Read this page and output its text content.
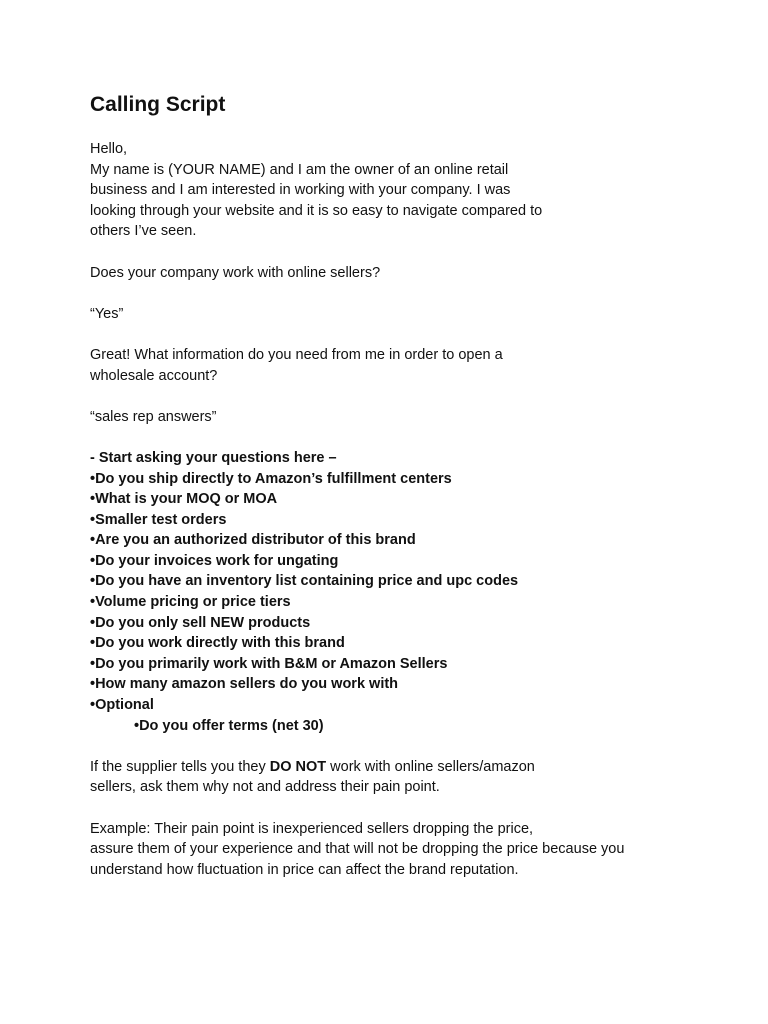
Calling Script

Hello,

My name is (YOUR NAME) and I am the owner of an online retail

business and I am interested in working with your company. I was

looking through your website and it is so easy to navigate compared to

others I’ve seen.

Does your company work with online sellers?

“Yes”

Great! What information do you need from me in order to open a

wholesale account?

“sales rep answers”

- Start asking your questions here –

•Do you ship directly to Amazon’s fulfillment centers

•What is your MOQ or MOA

•Smaller test orders

•Are you an authorized distributor of this brand

•Do your invoices work for ungating

•Do you have an inventory list containing price and upc codes

•Volume pricing or price tiers

•Do you only sell NEW products

•Do you work directly with this brand

•Do you primarily work with B&M or Amazon Sellers

•How many amazon sellers do you work with

•Optional

•Do you offer terms (net 30)

If the supplier tells you they DO NOT work with online sellers/amazon

sellers, ask them why not and address their pain point.

Example: Their pain point is inexperienced sellers dropping the price,

assure them of your experience and that will not be dropping the price because you

understand how fluctuation in price can affect the brand reputation.
